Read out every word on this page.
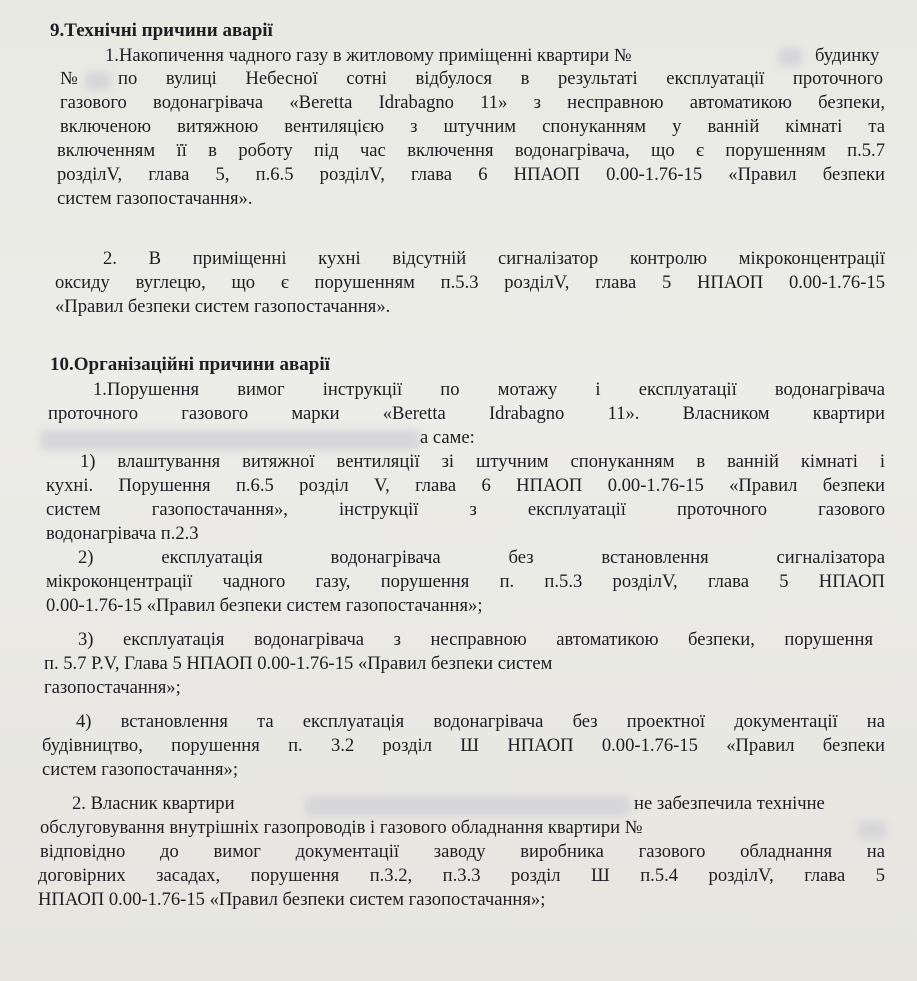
9.Технічні причини аварії
1.Накопичення чадного газу в житловому приміщенні квартири №	будинку
№ по вулиці Небесної сотні відбулося в результаті експлуатації проточного
газового водонагрівача «Beretta Idrabagno 11» з несправною автоматикою безпеки,
включеною витяжною вентиляцією з штучним спонуканням у ванній кімнаті та
включенням її в роботу під час включення водонагрівача, що є порушенням п.5.7
розділV, глава 5, п.6.5 розділV, глава 6 НПАОП 0.00-1.76-15 «Правил безпеки
систем газопостачання».
2. В приміщенні кухні відсутній сигналізатор контролю мікроконцентрації
оксиду вуглецю, що є порушенням п.5.3 розділV, глава 5 НПАОП 0.00-1.76-15
«Правил безпеки систем газопостачання».
10.Організаційні причини аварії
1.Порушення вимог інструкції по мотажу і експлуатації водонагрівача
проточного газового марки «Beretta Idrabagno 11». Власником квартири
а саме:
1) влаштування витяжної вентиляції зі штучним спонуканням в ванній кімнаті і
кухні. Порушення п.6.5 розділ V, глава 6 НПАОП 0.00-1.76-15 «Правил безпеки
систем газопостачання», інструкції з експлуатації проточного газового
водонагрівача п.2.3
2) експлуатація водонагрівача без встановлення сигналізатора
мікроконцентрації чадного газу, порушення п. п.5.3 розділV, глава 5 НПАОП
0.00-1.76-15 «Правил безпеки систем газопостачання»;
3) експлуатація водонагрівача з несправною автоматикою безпеки, порушення
п. 5.7 Р.V, Глава 5 НПАОП 0.00-1.76-15 «Правил безпеки систем
газопостачання»;
4) встановлення та експлуатація водонагрівача без проектної документації на
будівництво, порушення п. 3.2 розділ Ш НПАОП 0.00-1.76-15 «Правил безпеки
систем газопостачання»;
2. Власник квартири	не забезпечила технічне
обслуговування внутрішніх газопроводів і газового обладнання квартири №
відповідно до вимог документації заводу виробника газового обладнання на
договірних засадах, порушення п.3.2, п.3.3 розділ Ш п.5.4 розділV, глава 5
НПАОП 0.00-1.76-15 «Правил безпеки систем газопостачання»;
